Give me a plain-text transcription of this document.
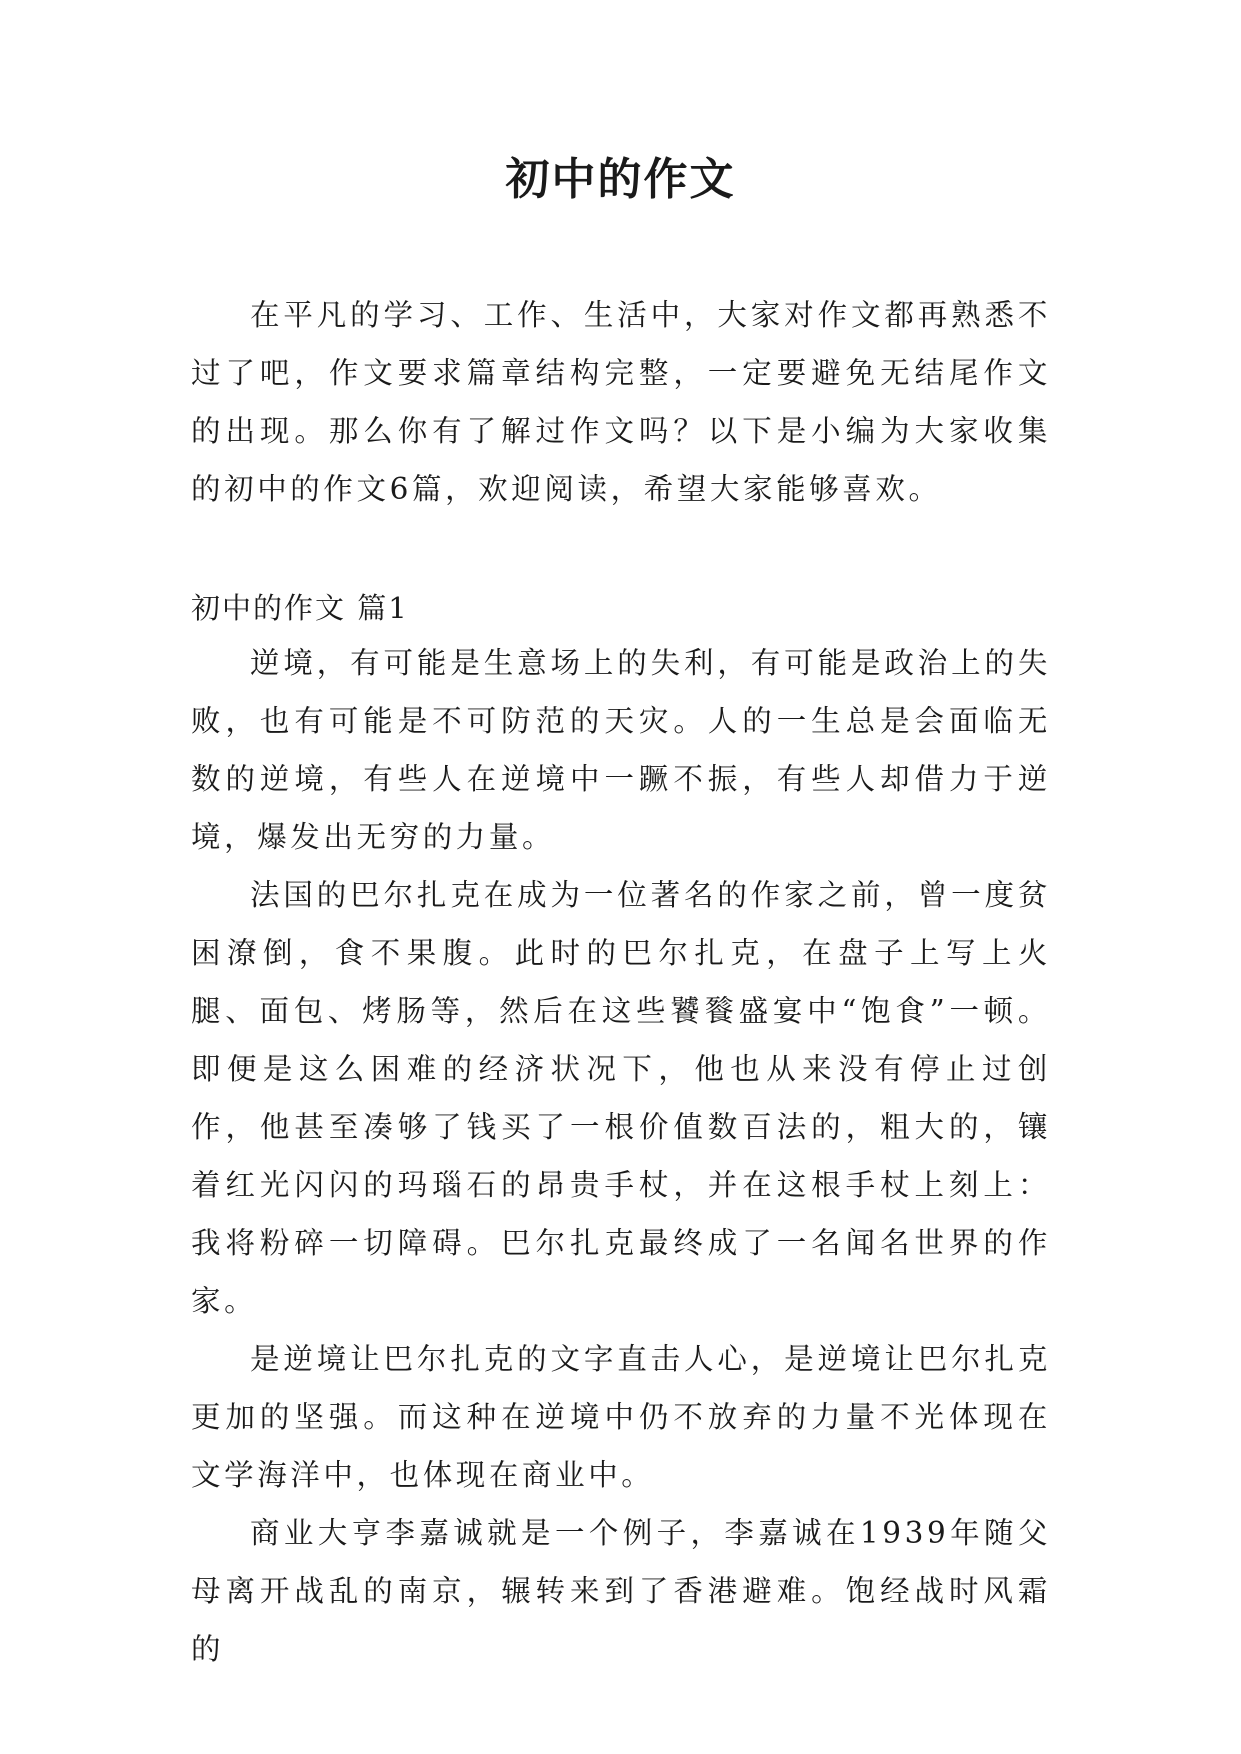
初中的作文

在平凡的学习、工作、生活中，大家对作文都再熟悉不过了吧，作文要求篇章结构完整，一定要避免无结尾作文的出现。那么你有了解过作文吗？以下是小编为大家收集的初中的作文6篇，欢迎阅读，希望大家能够喜欢。

初中的作文 篇1

逆境，有可能是生意场上的失利，有可能是政治上的失败，也有可能是不可防范的天灾。人的一生总是会面临无数的逆境，有些人在逆境中一蹶不振，有些人却借力于逆境，爆发出无穷的力量。

法国的巴尔扎克在成为一位著名的作家之前，曾一度贫困潦倒，食不果腹。此时的巴尔扎克，在盘子上写上火腿、面包、烤肠等，然后在这些饕餮盛宴中“饱食”一顿。即便是这么困难的经济状况下，他也从来没有停止过创作，他甚至凑够了钱买了一根价值数百法的，粗大的，镶着红光闪闪的玛瑙石的昂贵手杖，并在这根手杖上刻上：我将粉碎一切障碍。巴尔扎克最终成了一名闻名世界的作家。

是逆境让巴尔扎克的文字直击人心，是逆境让巴尔扎克更加的坚强。而这种在逆境中仍不放弃的力量不光体现在文学海洋中，也体现在商业中。

商业大亨李嘉诚就是一个例子，李嘉诚在1939年随父母离开战乱的南京，辗转来到了香港避难。饱经战时风霜的
